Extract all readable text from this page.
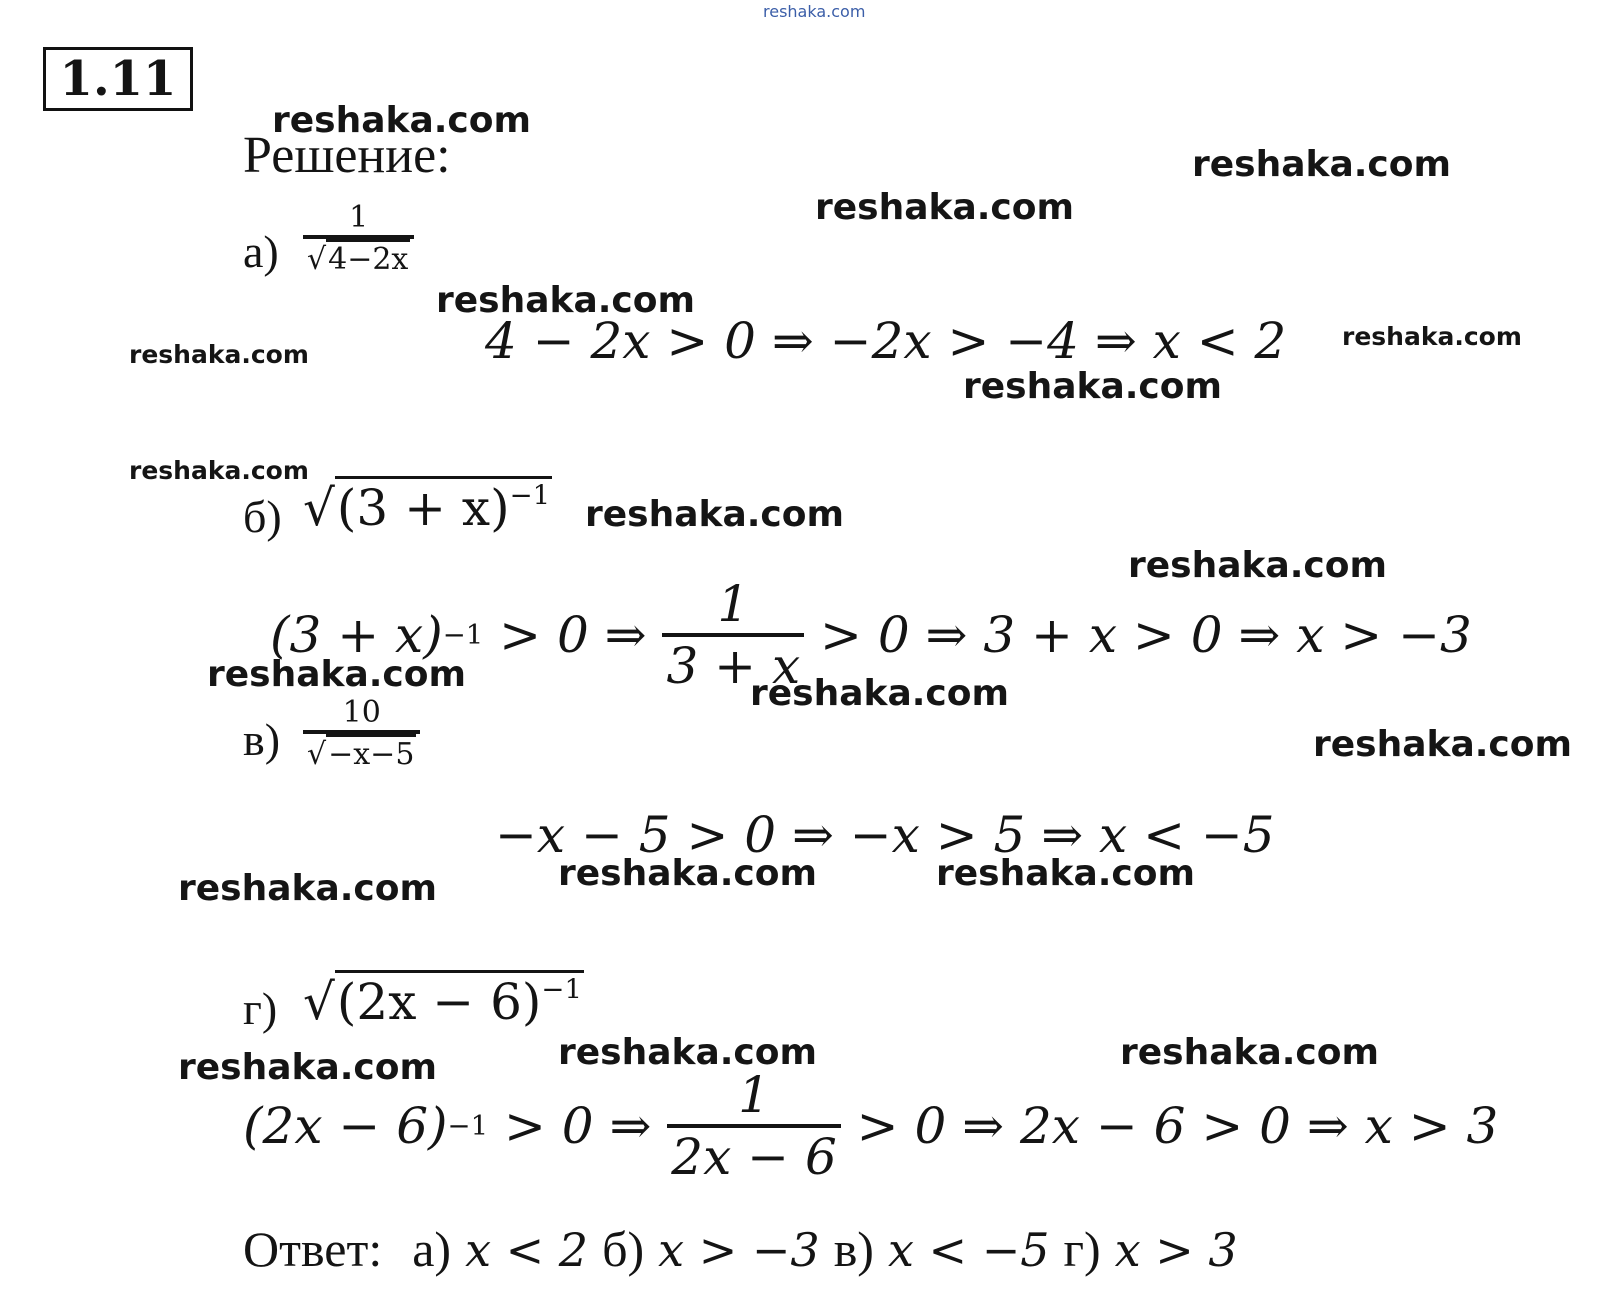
reshaka.com
1.11
Решение:
$а) \frac{1}{√4-2x}$
4 − 2x > 0 ⇒ −2x > −4 ⇒ x < 2
б) $√(3 + x)^{-1}$
(3 + x) −1 > 0 ⇒ $\frac{1}{3 + x} > 0$ ⇒ 3 + x > 0 ⇒ x > −3
$в) \frac{10}{√-x-5}$
−x − 5 > 0 ⇒ −x > 5 ⇒ x < −5
г) $√(2x - 6)^{-1}$
(2x − 6) −1 > 0 ⇒ $\frac{1}{2x - 6} > 0$ ⇒ 2x − 6 > 0 ⇒ x > 3
Ответ: а) x < 2 б) x > −3 в) x < −5 г) x > 3
reshaka.com
reshaka.com
reshaka.com
reshaka.com
reshaka.com
reshaka.com
reshaka.com
reshaka.com
reshaka.com
reshaka.com
reshaka.com	reshaka.com
reshaka.com
reshaka.com	reshaka.com
reshaka.com
reshaka.com	reshaka.com
reshaka.com
